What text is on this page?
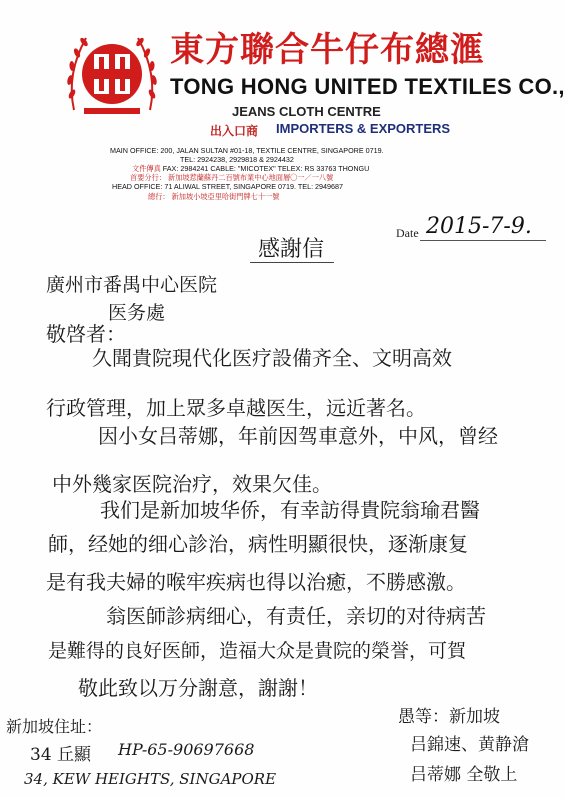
東方聯合牛仔布總滙
TONG HONG UNITED TEXTILES CO.,
JEANS CLOTH CENTRE
出入口商 IMPORTERS & EXPORTERS
MAIN OFFICE: 200, JALAN SULTAN #01-18, TEXTILE CENTRE, SINGAPORE 0719.
TEL: 2924238, 2929818 & 2924432
文件傳真 FAX: 2984241 CABLE: "MICOTEX" TELEX: RS 33763 THONGU
首要分行： 新加坡惹蘭蘇丹二百號布業中心地面層〇一／一八號
HEAD OFFICE: 71 ALIWAL STREET, SINGAPORE 0719. TEL: 2949687
總行： 新加坡小坡亞里哈街門牌七十一號
Date 2015-7-9.
感謝信
廣州市番禺中心医院
医务處
敬啓者：
久聞貴院現代化医疗設備齐全、文明高效
行政管理，加上眾多卓越医生，远近著名。
因小女吕蒂娜，年前因驾車意外，中风，曾经
中外幾家医院治疗，效果欠佳。
我们是新加坡华侨，有幸訪得貴院翁瑜君醫
師，经她的细心診治，病性明顯很快，逐渐康复
是有我夫婦的喉牢疾病也得以治癒，不勝感激。
翁医師診病细心，有责任，亲切的对待病苦
是難得的良好医師，造福大众是貴院的榮誉，可賀
敬此致以万分謝意，謝謝！
愚等：新加坡
吕錦速、黄静滄
吕蒂娜 全敬上
新加坡住址：
34 丘顯 HP-65-90697668
34, KEW HEIGHTS, SINGAPORE
